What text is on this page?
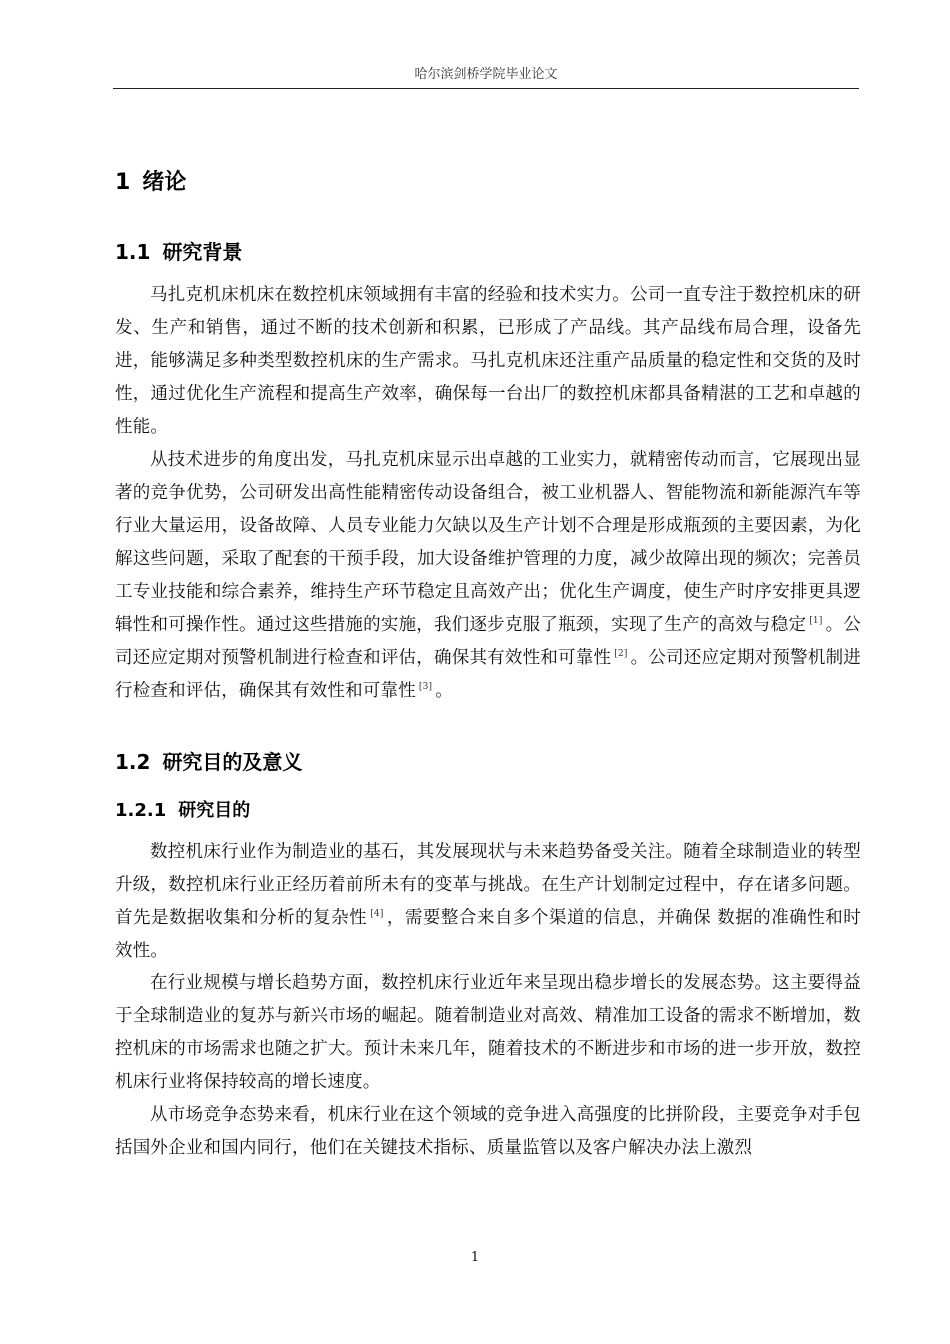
哈尔滨剑桥学院毕业论文
1 绪论
1.1 研究背景

马扎克机床机床在数控机床领域拥有丰富的经验和技术实力。公司一直专注于数控机床的研发、生产和销售，通过不断的技术创新和积累，已形成了产品线。其产品线布局合理，设备先进，能够满足多种类型数控机床的生产需求。马扎克机床还注重产品质量的稳定性和交货的及时性，通过优化生产流程和提高生产效率，确保每一台出厂的数控机床都具备精湛的工艺和卓越的性能。

从技术进步的角度出发，马扎克机床显示出卓越的工业实力，就精密传动而言，它展现出显著的竞争优势，公司研发出高性能精密传动设备组合，被工业机器人、智能物流和新能源汽车等行业大量运用，设备故障、人员专业能力欠缺以及生产计划不合理是形成瓶颈的主要因素，为化解这些问题，采取了配套的干预手段，加大设备维护管理的力度，减少故障出现的频次；完善员工专业技能和综合素养，维持生产环节稳定且高效产出；优化生产调度，使生产时序安排更具逻辑性和可操作性。通过这些措施的实施，我们逐步克服了瓶颈，实现了生产的高效与稳定 [1] 。公司还应定期对预警机制进行检查和评估，确保其有效性和可靠性 [2] 。公司还应定期对预警机制进行检查和评估，确保其有效性和可靠性 [3] 。

1.2 研究目的及意义
1.2.1 研究目的

数控机床行业作为制造业的基石，其发展现状与未来趋势备受关注。随着全球制造业的转型升级，数控机床行业正经历着前所未有的变革与挑战。在生产计划制定过程中，存在诸多问题。首先是数据收集和分析的复杂性 [4] ，需要整合来自多个渠道的信息，并确保 数据的准确性和时效性。

在行业规模与增长趋势方面，数控机床行业近年来呈现出稳步增长的发展态势。这主要得益于全球制造业的复苏与新兴市场的崛起。随着制造业对高效、精准加工设备的需求不断增加，数控机床的市场需求也随之扩大。预计未来几年，随着技术的不断进步和市场的进一步开放，数控机床行业将保持较高的增长速度。

从市场竞争态势来看，机床行业在这个领域的竞争进入高强度的比拼阶段，主要竞争对手包括国外企业和国内同行，他们在关键技术指标、质量监管以及客户解决办法上激烈

1
